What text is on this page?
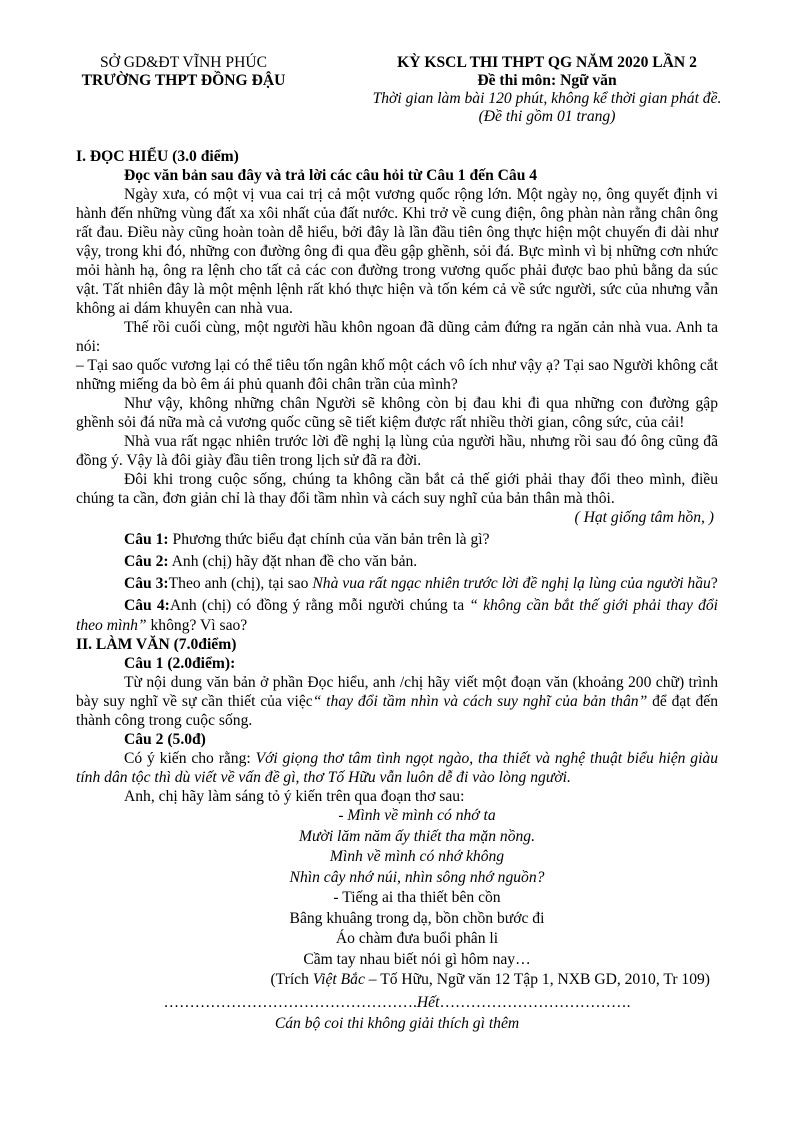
SỞ GD&ĐT VĨNH PHÚC
TRƯỜNG THPT ĐỒNG ĐẬU
KỲ KSCL THI THPT QG NĂM 2020 LẦN 2
Đề thi môn: Ngữ văn
Thời gian làm bài 120 phút, không kể thời gian phát đề.
(Đề thi gồm 01 trang)
I. ĐỌC HIỂU (3.0 điểm)

Đọc văn bản sau đây và trả lời các câu hỏi từ Câu 1 đến Câu 4

Ngày xưa, có một vị vua cai trị cả một vương quốc rộng lớn. Một ngày nọ, ông quyết định vi hành đến những vùng đất xa xôi nhất của đất nước. Khi trở về cung điện, ông phàn nàn rằng chân ông rất đau. Điều này cũng hoàn toàn dễ hiểu, bởi đây là lần đầu tiên ông thực hiện một chuyến đi dài như vậy, trong khi đó, những con đường ông đi qua đều gập ghềnh, sỏi đá. Bực mình vì bị những cơn nhức mỏi hành hạ, ông ra lệnh cho tất cả các con đường trong vương quốc phải được bao phủ bằng da súc vật. Tất nhiên đây là một mệnh lệnh rất khó thực hiện và tốn kém cả về sức người, sức của nhưng vẫn không ai dám khuyên can nhà vua.

Thế rồi cuối cùng, một người hầu khôn ngoan đã dũng cảm đứng ra ngăn cản nhà vua. Anh ta nói:

– Tại sao quốc vương lại có thể tiêu tốn ngân khố một cách vô ích như vậy ạ? Tại sao Người không cắt những miếng da bò êm ái phủ quanh đôi chân trần của mình?

Như vậy, không những chân Người sẽ không còn bị đau khi đi qua những con đường gập ghềnh sỏi đá nữa mà cả vương quốc cũng sẽ tiết kiệm được rất nhiều thời gian, công sức, của cải!

Nhà vua rất ngạc nhiên trước lời đề nghị lạ lùng của người hầu, nhưng rồi sau đó ông cũng đã đồng ý. Vậy là đôi giày đầu tiên trong lịch sử đã ra đời.

Đôi khi trong cuộc sống, chúng ta không cần bắt cả thế giới phải thay đổi theo mình, điều chúng ta cần, đơn giản chỉ là thay đổi tầm nhìn và cách suy nghĩ của bản thân mà thôi.

( Hạt giống tâm hồn, )

Câu 1: Phương thức biểu đạt chính của văn bản trên là gì?

Câu 2: Anh (chị) hãy đặt nhan đề cho văn bản.

Câu 3:Theo anh (chị), tại sao Nhà vua rất ngạc nhiên trước lời đề nghị lạ lùng của người hầu?

Câu 4:Anh (chị) có đồng ý rằng mỗi người chúng ta “ không cần bắt thế giới phải thay đổi theo mình” không? Vì sao?

II. LÀM VĂN (7.0điểm)

Câu 1 (2.0điểm):

Từ nội dung văn bản ở phần Đọc hiểu, anh /chị hãy viết một đoạn văn (khoảng 200 chữ) trình bày suy nghĩ về sự cần thiết của việc“ thay đổi tầm nhìn và cách suy nghĩ của bản thân” để đạt đến thành công trong cuộc sống.

Câu 2 (5.0đ)

Có ý kiến cho rằng: Với giọng thơ tâm tình ngọt ngào, tha thiết và nghệ thuật biểu hiện giàu tính dân tộc thì dù viết về vấn đề gì, thơ Tố Hữu vẫn luôn dễ đi vào lòng người.

Anh, chị hãy làm sáng tỏ ý kiến trên qua đoạn thơ sau:

- Mình về mình có nhớ ta
Mười lăm năm ấy thiết tha mặn nồng.
Mình về mình có nhớ không
Nhìn cây nhớ núi, nhìn sông nhớ nguồn?
- Tiếng ai tha thiết bên cồn
Bâng khuâng trong dạ, bồn chồn bước đi
Áo chàm đưa buổi phân li
Cầm tay nhau biết nói gì hôm nay…
(Trích Việt Bắc – Tố Hữu, Ngữ văn 12 Tập 1, NXB GD, 2010, Tr 109)
………………………………………….Hết……………………………….
Cán bộ coi thi không giải thích gì thêm
